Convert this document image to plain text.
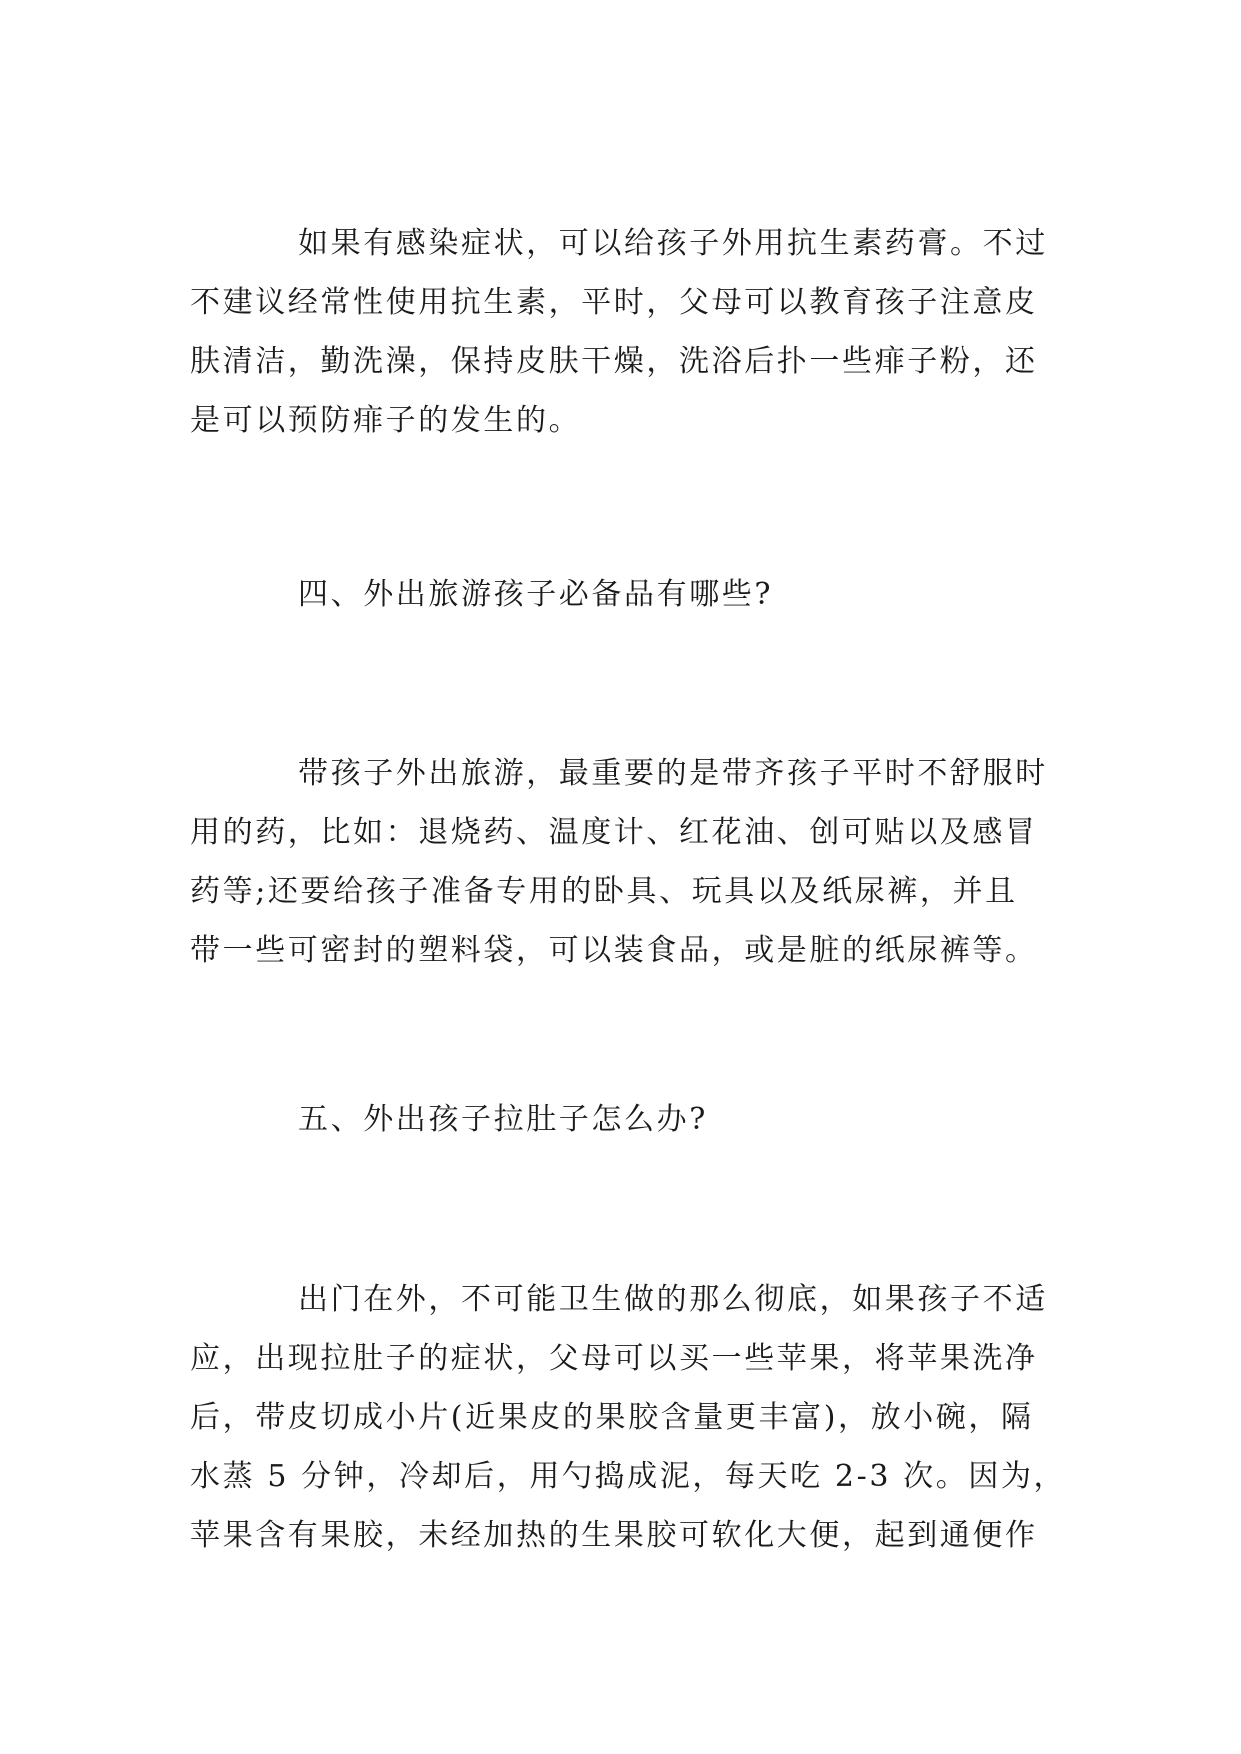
如果有感染症状，可以给孩子外用抗生素药膏。不过
不建议经常性使用抗生素，平时，父母可以教育孩子注意皮
肤清洁，勤洗澡，保持皮肤干燥，洗浴后扑一些痱子粉，还
是可以预防痱子的发生的。

四、外出旅游孩子必备品有哪些?

带孩子外出旅游，最重要的是带齐孩子平时不舒服时
用的药，比如：退烧药、温度计、红花油、创可贴以及感冒
药等;还要给孩子准备专用的卧具、玩具以及纸尿裤，并且
带一些可密封的塑料袋，可以装食品，或是脏的纸尿裤等。

五、外出孩子拉肚子怎么办?

出门在外，不可能卫生做的那么彻底，如果孩子不适
应，出现拉肚子的症状，父母可以买一些苹果，将苹果洗净
后，带皮切成小片(近果皮的果胶含量更丰富)，放小碗，隔
水蒸 5 分钟，冷却后，用勺捣成泥，每天吃 2-3 次。因为，
苹果含有果胶，未经加热的生果胶可软化大便，起到通便作
